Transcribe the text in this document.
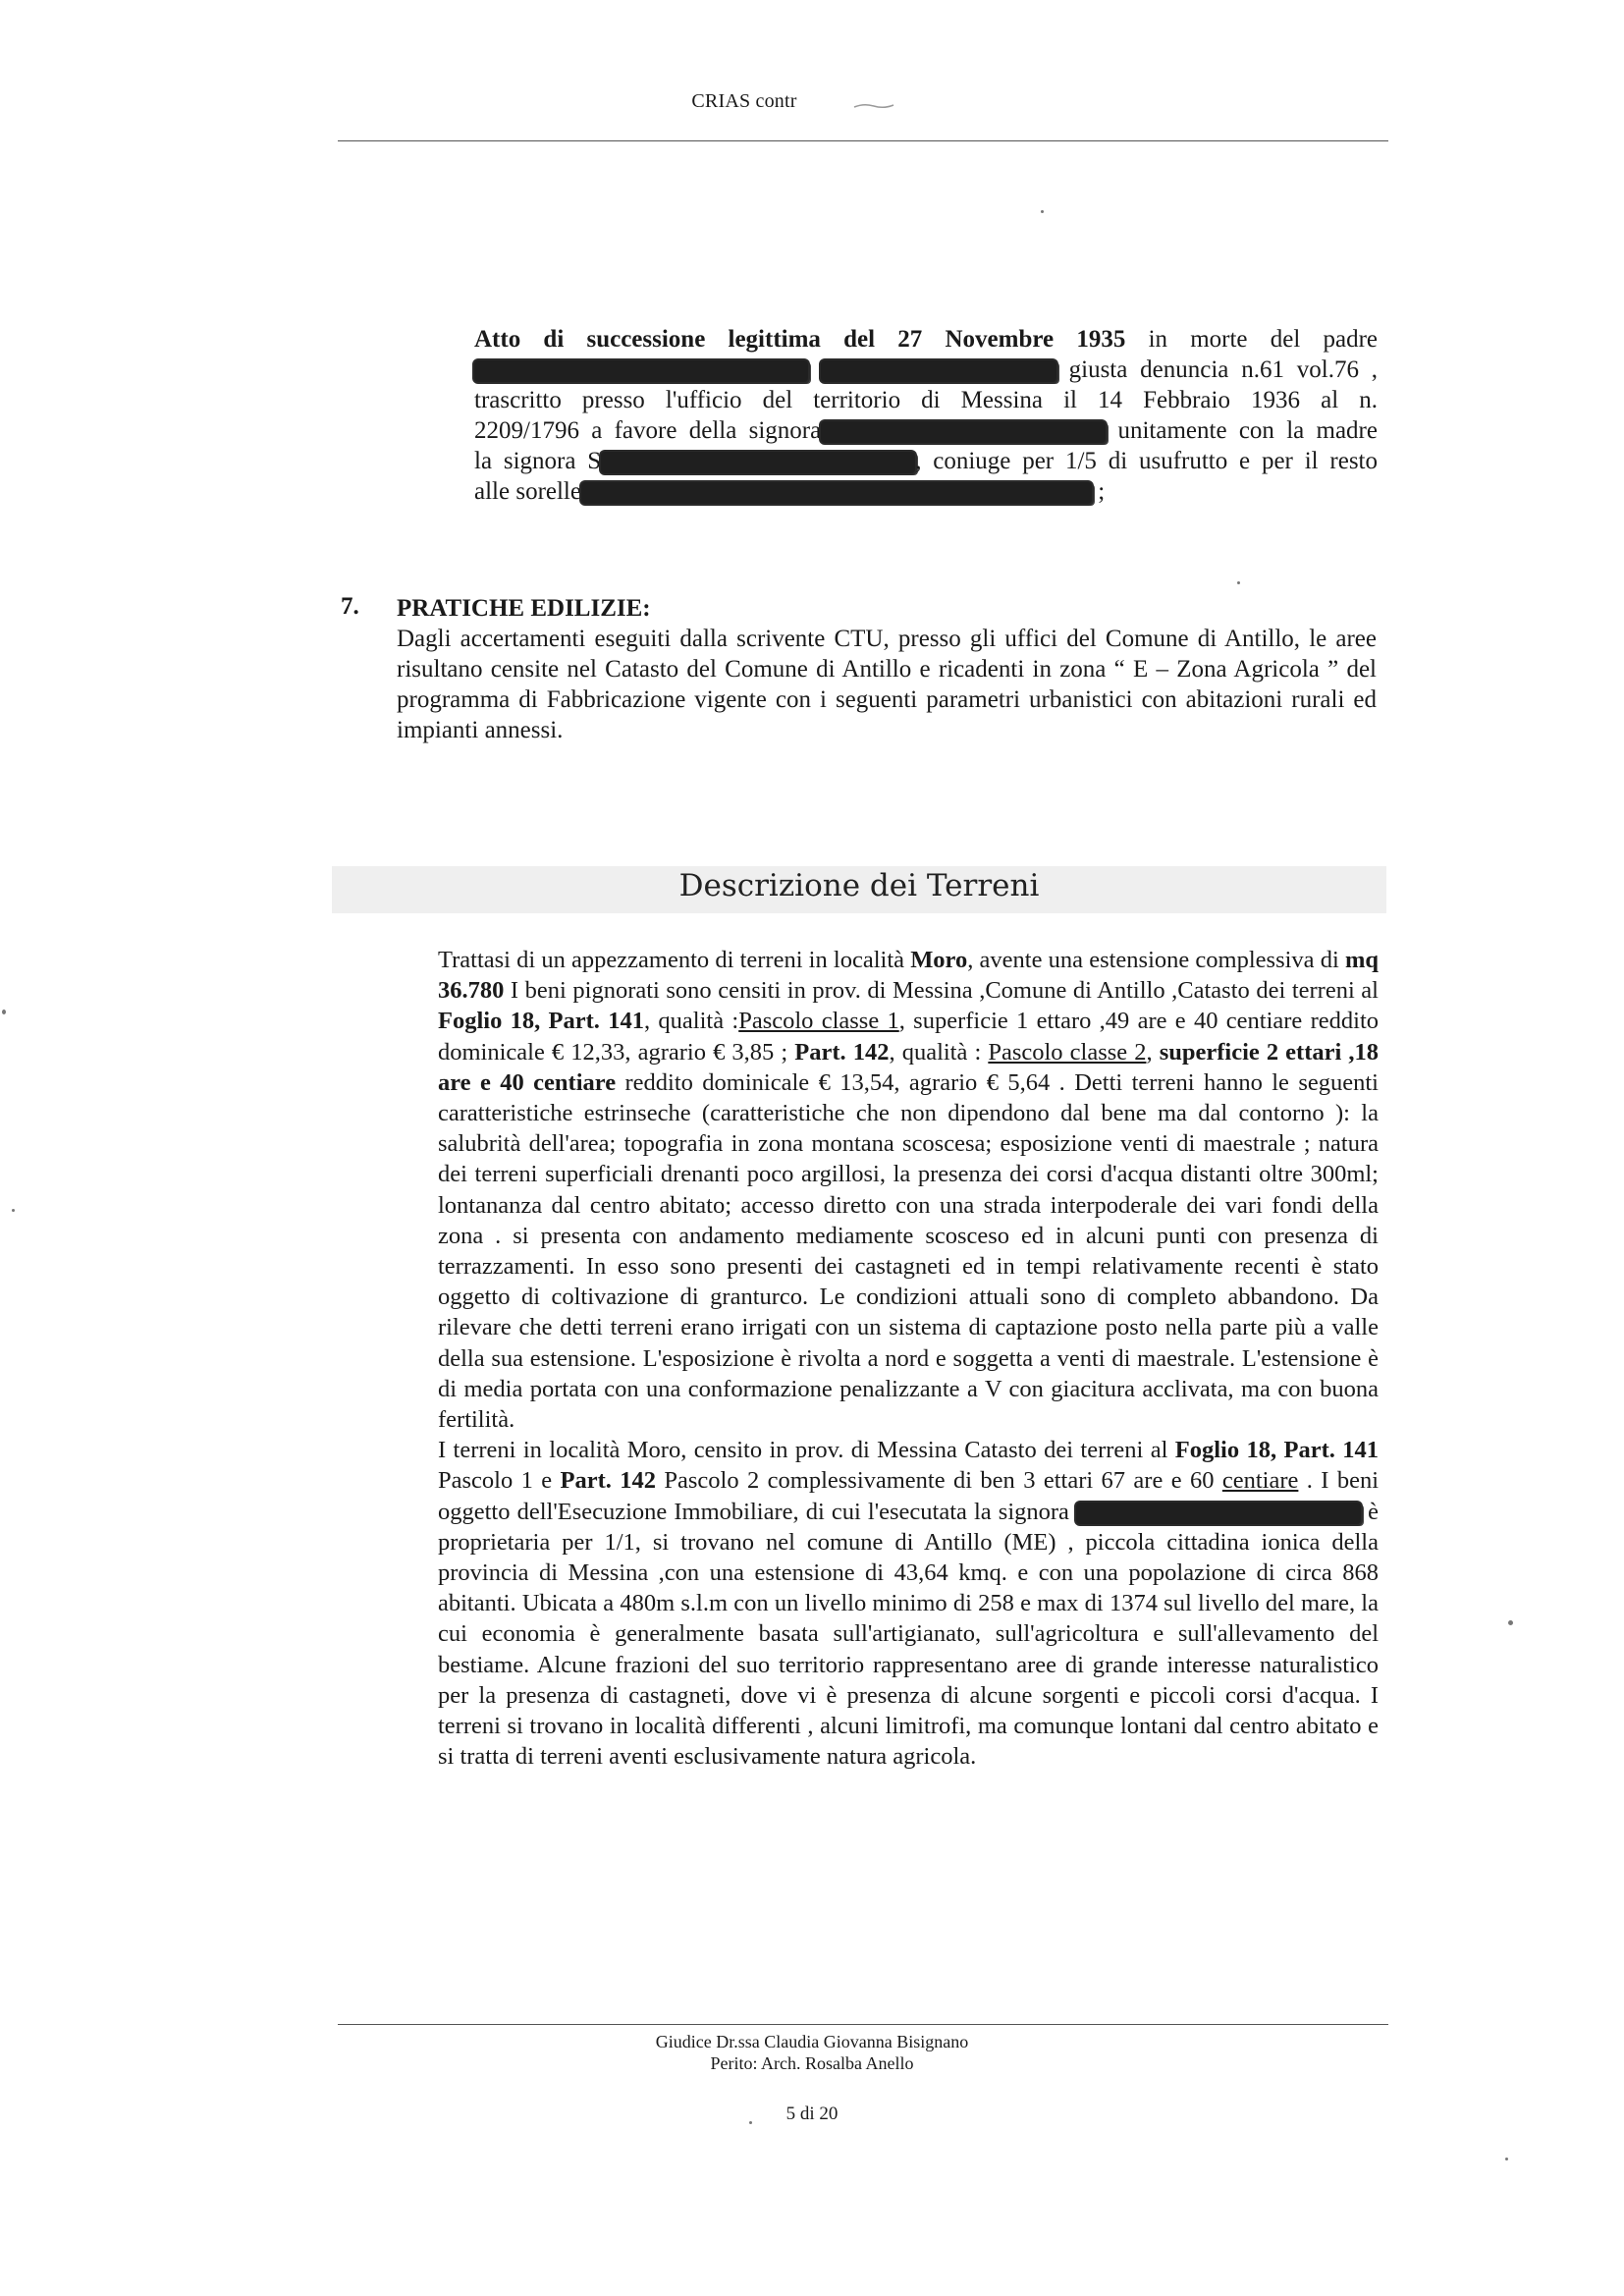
CRIAS contr
Atto di successione legittima del 27 Novembre 1935 in morte del padre
giusta denuncia n.61 vol.76 ,
trascritto presso l'ufficio del territorio di Messina il 14 Febbraio 1936 al n.
2209/1796 a favore della signora	unitamente con la madre
la signora S	, coniuge per 1/5 di usufrutto e per il resto
alle sorelle	;
7. PRATICHE EDILIZIE:
Dagli accertamenti eseguiti dalla scrivente CTU, presso gli uffici del Comune di Antillo, le aree risultano censite nel Catasto del Comune di Antillo e ricadenti in zona “ E – Zona Agricola ” del programma di Fabbricazione vigente con i seguenti parametri urbanistici con abitazioni rurali ed impianti annessi.
Descrizione dei Terreni

Trattasi di un appezzamento di terreni in località Moro, avente una estensione complessiva di mq 36.780 I beni pignorati sono censiti in prov. di Messina ,Comune di Antillo ,Catasto dei terreni al Foglio 18, Part. 141, qualità :Pascolo classe 1, superficie 1 ettaro ,49 are e 40 centiare reddito dominicale € 12,33, agrario € 3,85 ; Part. 142, qualità : Pascolo classe 2, superficie 2 ettari ,18 are e 40 centiare reddito dominicale € 13,54, agrario € 5,64 . Detti terreni hanno le seguenti caratteristiche estrinseche (caratteristiche che non dipendono dal bene ma dal contorno ): la salubrità dell'area; topografia in zona montana scoscesa; esposizione venti di maestrale ; natura dei terreni superficiali drenanti poco argillosi, la presenza dei corsi d'acqua distanti oltre 300ml; lontananza dal centro abitato; accesso diretto con una strada interpoderale dei vari fondi della zona . si presenta con andamento mediamente scosceso ed in alcuni punti con presenza di terrazzamenti. In esso sono presenti dei castagneti ed in tempi relativamente recenti è stato oggetto di coltivazione di granturco. Le condizioni attuali sono di completo abbandono. Da rilevare che detti terreni erano irrigati con un sistema di captazione posto nella parte più a valle della sua estensione. L'esposizione è rivolta a nord e soggetta a venti di maestrale. L'estensione è di media portata con una conformazione penalizzante a V con giacitura acclivata, ma con buona fertilità.

I terreni in località Moro, censito in prov. di Messina Catasto dei terreni al Foglio 18, Part. 141 Pascolo 1 e Part. 142 Pascolo 2 complessivamente di ben 3 ettari 67 are e 60 centiare . I beni oggetto dell'Esecuzione Immobiliare, di cui l'esecutata la signora	è proprietaria per 1/1, si trovano nel comune di Antillo (ME) , piccola cittadina ionica della provincia di Messina ,con una estensione di 43,64 kmq. e con una popolazione di circa 868 abitanti. Ubicata a 480m s.l.m con un livello minimo di 258 e max di 1374 sul livello del mare, la cui economia è generalmente basata sull'artigianato, sull'agricoltura e sull'allevamento del bestiame. Alcune frazioni del suo territorio rappresentano aree di grande interesse naturalistico per la presenza di castagneti, dove vi è presenza di alcune sorgenti e piccoli corsi d'acqua. I terreni si trovano in località differenti , alcuni limitrofi, ma comunque lontani dal centro abitato e si tratta di terreni aventi esclusivamente natura agricola.

Giudice Dr.ssa Claudia Giovanna Bisignano
Perito: Arch. Rosalba Anello
5 di 20
